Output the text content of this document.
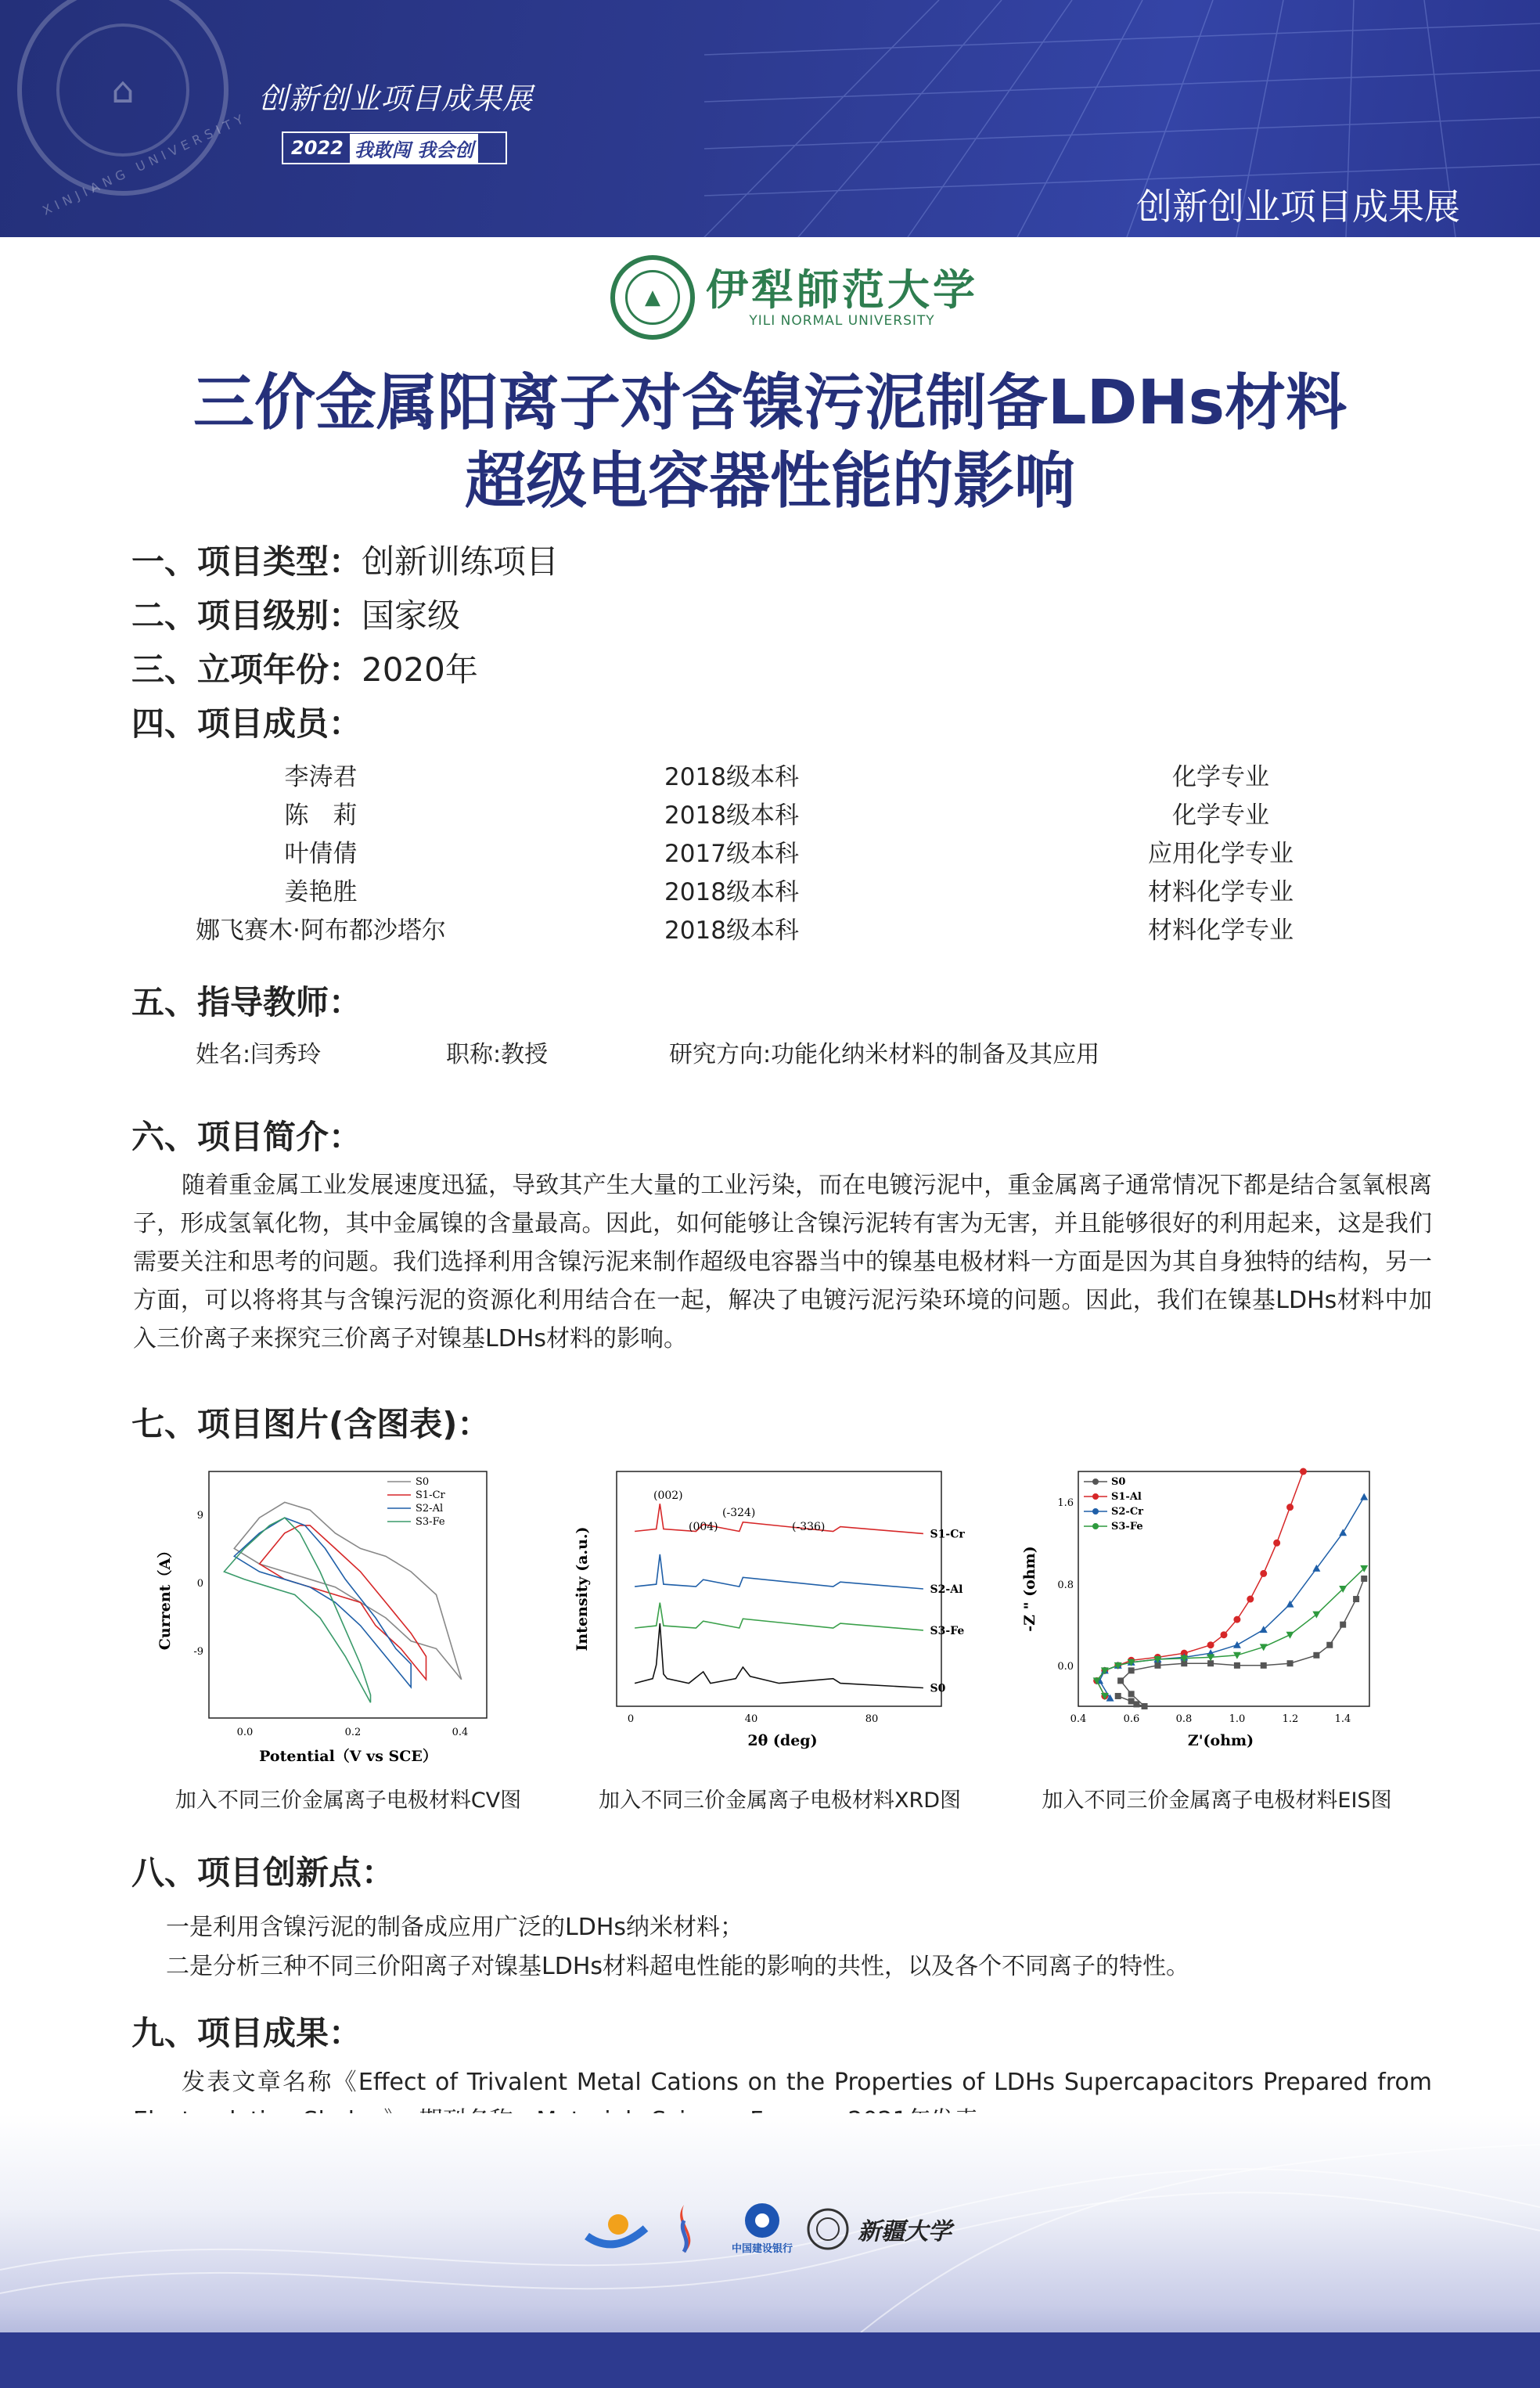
⌂
XINJIANG UNIVERSITY
创新创业项目成果展
2022 我敢闯 我会创
创新创业项目成果展
▲	伊犁師范大学
YILI NORMAL UNIVERSITY
三价金属阳离子对含镍污泥制备LDHs材料
超级电容器性能的影响
一、项目类型：创新训练项目
二、项目级别：国家级
三、立项年份：2020年
四、项目成员：
李涛君	2018级本科	化学专业
陈　莉	2018级本科	化学专业
叶倩倩	2017级本科	应用化学专业
姜艳胜	2018级本科	材料化学专业
娜飞赛木·阿布都沙塔尔	2018级本科	材料化学专业
五、指导教师：
姓名:闫秀玲	职称:教授	研究方向:功能化纳米材料的制备及其应用
六、项目简介：
随着重金属工业发展速度迅猛，导致其产生大量的工业污染，而在电镀污泥中，重金属离子通常情况下都是结合氢氧根离子，形成氢氧化物，其中金属镍的含量最高。因此，如何能够让含镍污泥转有害为无害，并且能够很好的利用起来，这是我们需要关注和思考的问题。我们选择利用含镍污泥来制作超级电容器当中的镍基电极材料一方面是因为其自身独特的结构，另一方面，可以将将其与含镍污泥的资源化利用结合在一起，解决了电镀污泥污染环境的问题。因此，我们在镍基LDHs材料中加入三价离子来探究三价离子对镍基LDHs材料的影响。
七、项目图片(含图表)：
S0
S1-Cr
S2-Al
S3-Fe
9
0
-9
0.0	0.2	0.4
Potential（V vs SCE）
Current（A）
S1-Cr
S2-Al
S3-Fe
S0
(002)
(004)
(-324)
(-336)
0	40	80
2θ (deg)
Intensity (a.u.)
S0
S1-Al
S2-Cr
S3-Fe
0.0
0.8
1.6
0.4	0.6	0.8	1.0	1.2	1.4
Z'(ohm)
-Z " (ohm)
加入不同三价金属离子电极材料CV图	加入不同三价金属离子电极材料XRD图	加入不同三价金属离子电极材料EIS图
八、项目创新点：
一是利用含镍污泥的制备成应用广泛的LDHs纳米材料；
二是分析三种不同三价阳离子对镍基LDHs材料超电性能的影响的共性，以及各个不同离子的特性。
九、项目成果：
发表文章名称《Effect of Trivalent Metal Cations on the Properties of LDHs Supercapacitors Prepared from
中国建设银行
新疆大学
